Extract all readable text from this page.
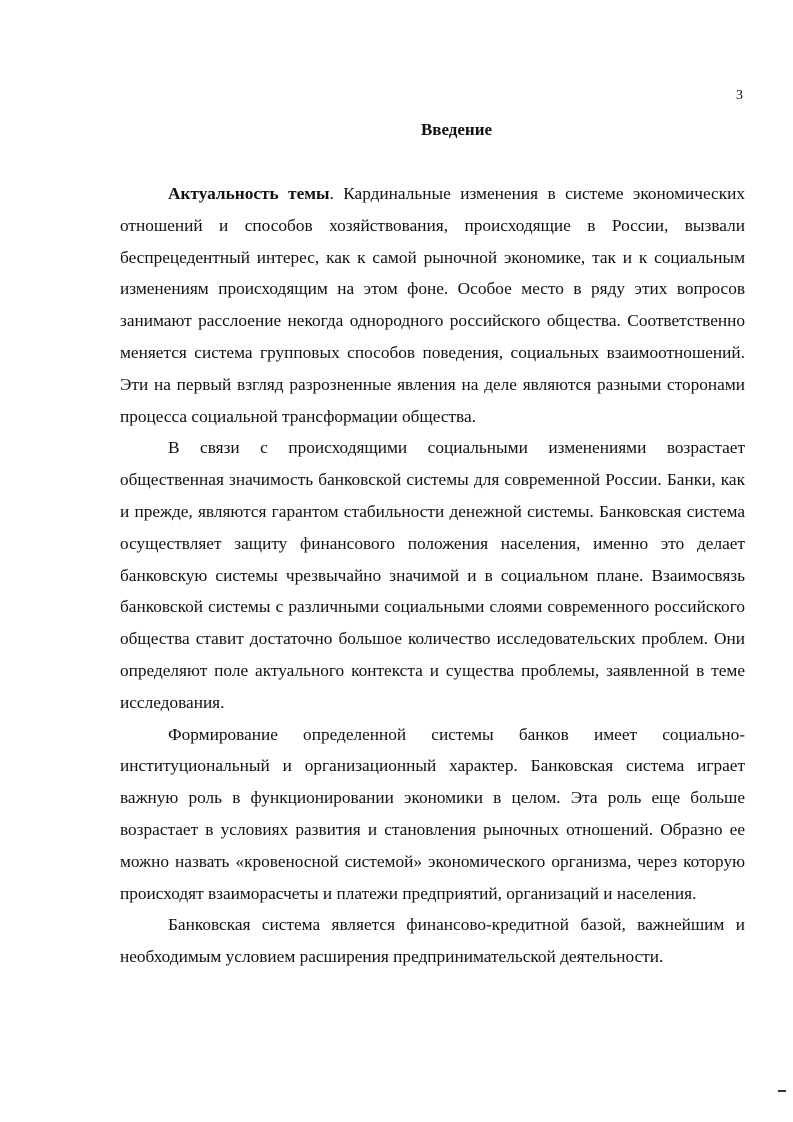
3
Введение

Актуальность темы. Кардинальные изменения в системе экономических отношений и способов хозяйствования, происходящие в России, вызвали беспрецедентный интерес, как к самой рыночной экономике, так и к социальным изменениям происходящим на этом фоне. Особое место в ряду этих вопросов занимают расслоение некогда однородного российского общества. Соответственно меняется система групповых способов поведения, социальных взаимоотношений. Эти на первый взгляд разрозненные явления на деле являются разными сторонами процесса социальной трансформации общества.

В связи с происходящими социальными изменениями возрастает общественная значимость банковской системы для современной России. Банки, как и прежде, являются гарантом стабильности денежной системы. Банковская система осуществляет защиту финансового положения населения, именно это делает банковскую системы чрезвычайно значимой и в социальном плане. Взаимосвязь банковской системы с различными социальными слоями современного российского общества ставит достаточно большое количество исследовательских проблем. Они определяют поле актуального контекста и существа проблемы, заявленной в теме исследования.

Формирование определенной системы банков имеет социально-институциональный и организационный характер. Банковская система играет важную роль в функционировании экономики в целом. Эта роль еще больше возрастает в условиях развития и становления рыночных отношений. Образно ее можно назвать «кровеносной системой» экономического организма, через которую происходят взаиморасчеты и платежи предприятий, организаций и населения.

Банковская система является финансово-кредитной базой, важнейшим и необходимым условием расширения предпринимательской деятельности.
